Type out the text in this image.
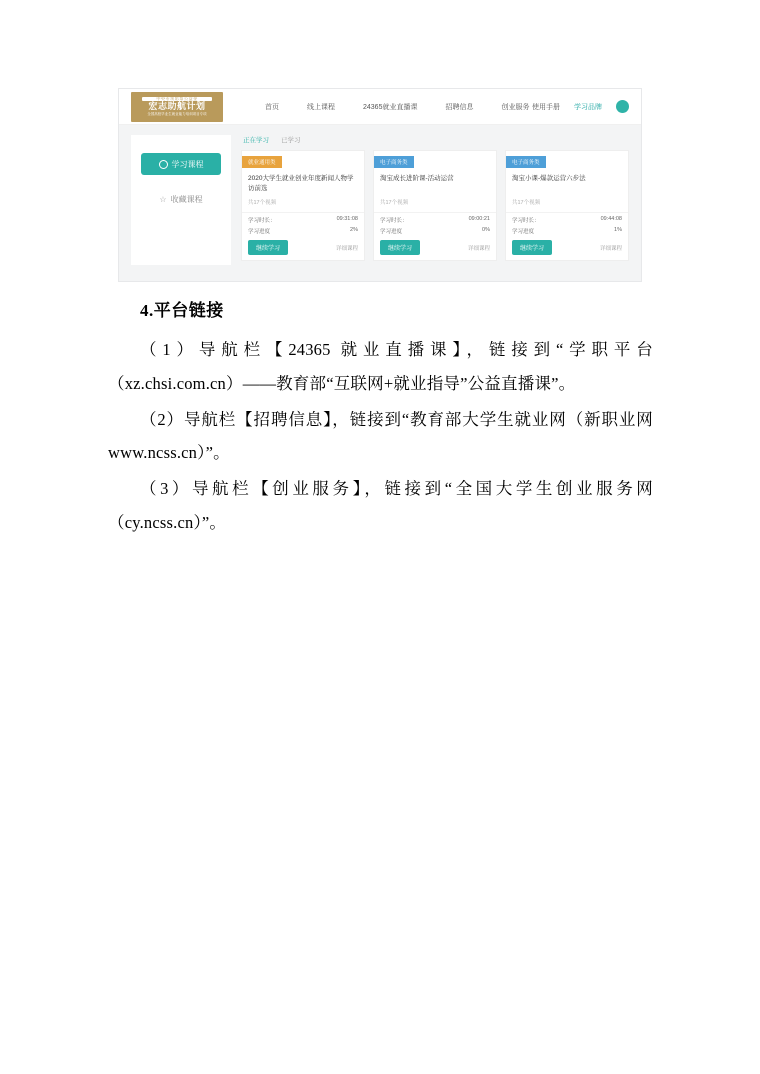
中央专项彩票公益金
宏志助航计划
全国高校毕业生就业能力培训项目专项
首页	线上课程	24365就业直播课	招聘信息	创业服务 使用手册 学习品牌
学习课程
☆ 收藏课程
正在学习 已学习
就业通用类
2020大学生就业创业年度新闻人物学访前选
共17个视频
学习时长：	09:31:08
学习进度	2%
继续学习	详细课程
电子商务类
淘宝成长进阶课-活动运营
共17个视频
学习时长：	09:00:21
学习进度	0%
继续学习	详细课程
电子商务类
淘宝小课-爆款运营六步法
共17个视频
学习时长：	09:44:08
学习进度	1%
继续学习	详细课程
4.平台链接

（1）导航栏【24365 就业直播课】，链接到“学职平台（xz.chsi.com.cn）——教育部“互联网+就业指导”公益直播课”。

（2）导航栏【招聘信息】，链接到“教育部大学生就业网（新职业网 www.ncss.cn）”。

（3）导航栏【创业服务】，链接到“全国大学生创业服务网（cy.ncss.cn）”。
